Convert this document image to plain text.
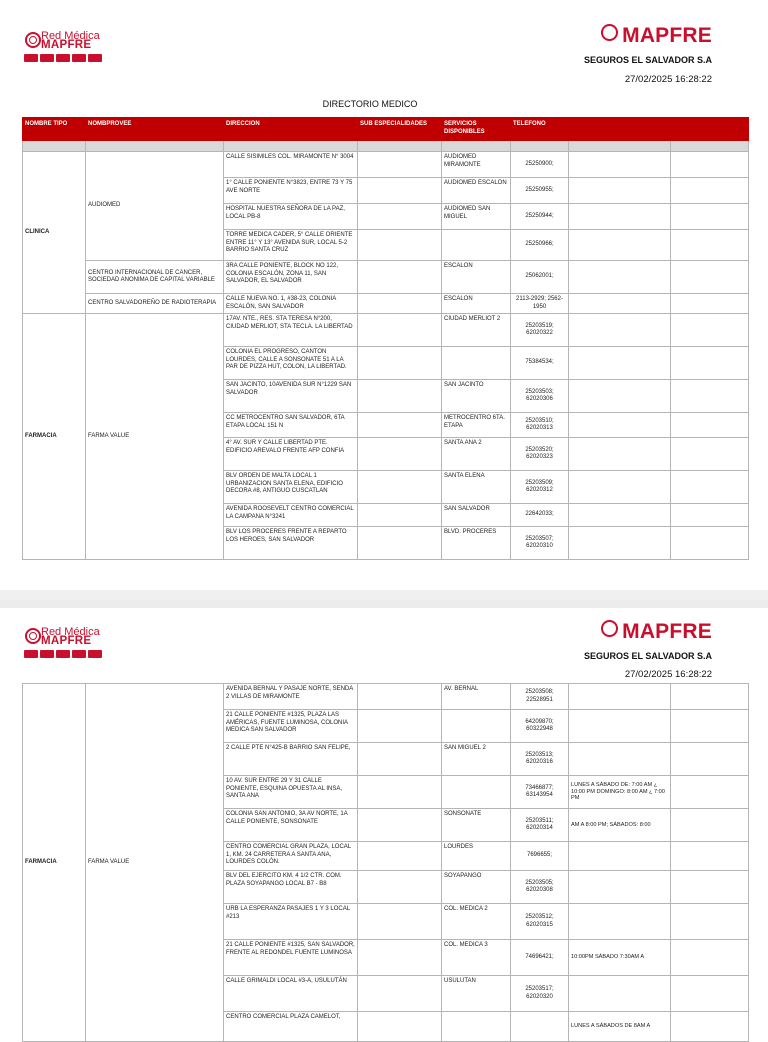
Red Médica
MAPFRE	MAPFRE
SEGUROS EL SALVADOR S.A
27/02/2025 16:28:22
DIRECTORIO MEDICO
NOMBRE TIPO	NOMBPROVEE	DIRECCION	SUB ESPECIALIDADES	SERVICIOS DISPONIBLES	TELEFONO		

CLINICA	AUDIOMED	CALLE SISIMILES COL. MIRAMONTE N° 3004		AUDIOMED MIRAMONTE	25250900;		
		1° CALLE PONIENTE N°3823, ENTRE 73 Y 75 AVE NORTE		AUDIOMED ESCALON	25250955;		
		HOSPITAL NUESTRA SEÑORA DE LA PAZ, LOCAL PB-8		AUDIOMED SAN MIGUEL	25250944;		
		TORRE MEDICA CADER, 5° CALLE ORIENTE ENTRE 11° Y 13° AVENIDA SUR, LOCAL 5-2 BARRIO SANTA CRUZ			25250966;		
	CENTRO INTERNACIONAL DE CANCER, SOCIEDAD ANONIMA DE CAPITAL VARIABLE	3RA CALLE PONIENTE, BLOCK NO 122, COLONIA ESCALÓN, ZONA 11, SAN SALVADOR, EL SALVADOR		ESCALON	25062001;		
	CENTRO SALVADOREÑO DE RADIOTERAPIA	CALLE NUEVA NO. 1, #38-23, COLONIA ESCALÓN, SAN SALVADOR		ESCALON	2113-2929; 2562-1950		
FARMACIA	FARMA VALUE	17AV. NTE., RES. STA TERESA N°200, CIUDAD MERLIOT, STA TECLA. LA LIBERTAD		CIUDAD MERLIOT 2	25203519; 62020322		
		COLONIA EL PROGRESO, CANTON LOURDES, CALLE A SONSONATE 51 A LA PAR DE PIZZA HUT, COLON, LA LIBERTAD.			75384534;		
		SAN JACINTO, 10AVENIDA SUR N°1229 SAN SALVADOR		SAN JACINTO	25203503; 62020306		
		CC METROCENTRO SAN SALVADOR, 6TA ETAPA LOCAL 151 N		METROCENTRO 6TA. ETAPA	25203510; 62020313		
		4° AV. SUR Y CALLE LIBERTAD PTE. EDIFICIO AREVALO FRENTE AFP CONFIA		SANTA ANA 2	25203520; 62020323		
		BLV ORDEN DE MALTA LOCAL 1 URBANIZACION SANTA ELENA, EDIFICIO DECORA #8, ANTIGUO CUSCATLAN		SANTA ELENA	25203509; 62020312		
		AVENIDA ROOSEVELT CENTRO COMERCIAL LA CAMPANA N°3241		SAN SALVADOR	22642033;		
		BLV LOS PROCERES FRENTE A REPARTO LOS HEROES, SAN SALVADOR		BLVD. PROCERES	25203507; 62020310		
Red Médica
MAPFRE	MAPFRE
SEGUROS EL SALVADOR S.A
27/02/2025 16:28:22
FARMACIA	FARMA VALUE	AVENIDA BERNAL Y PASAJE NORTE, SENDA 2 VILLAS DE MIRAMONTE		AV. BERNAL	25203508; 22528951		
		21 CALLE PONIENTE #1325, PLAZA LAS AMÉRICAS, FUENTE LUMINOSA, COLONIA MEDICA SAN SALVADOR			64209870; 60322948		
		2 CALLE PTE N°425-B BARRIO SAN FELIPE,		SAN MIGUEL 2	25203513; 62020316		
		10 AV. SUR ENTRE 29 Y 31 CALLE PONIENTE, ESQUINA OPUESTA AL INSA, SANTA ANA			73466877; 63143954	LUNES A SÁBADO DE: 7:00 AM ¿ 10:00 PM DOMINGO: 8:00 AM ¿ 7:00 PM	
		COLONIA SAN ANTONIO, 3A AV NORTE, 1A CALLE PONIENTE, SONSONATE		SONSONATE	25203511; 62020314	AM A 8:00 PM; SÁBADOS: 8:00	
		CENTRO COMERCIAL GRAN PLAZA, LOCAL 1, KM. 24 CARRETERA A SANTA ANA, LOURDES COLÓN.		LOURDES	7696655;		
		BLV DEL EJERCITO KM. 4 1/2 CTR. COM. PLAZA SOYAPANGO LOCAL B7 - B8		SOYAPANGO	25203505; 62020308		
		URB LA ESPERANZA PASAJES 1 Y 3 LOCAL #213		COL. MEDICA 2	25203512; 62020315		
		21 CALLE PONIENTE #1325, SAN SALVADOR, FRENTE AL REDONDEL FUENTE LUMINOSA		COL. MEDICA 3	74696421;	10:00PM SÁBADO 7:30AM A	
		CALLE GRIMALDI LOCAL #3-A, USULUTÁN		USULUTAN	25203517; 62020320		
		CENTRO COMERCIAL PLAZA CAMELOT,				LUNES A SÁBADOS DE 8AM A	
